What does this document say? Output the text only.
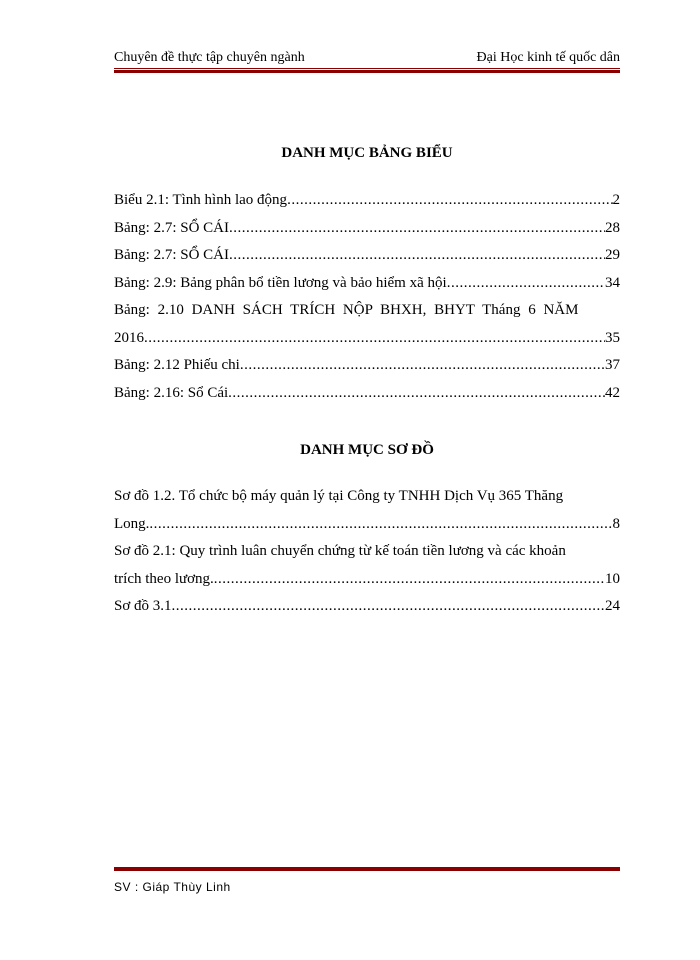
Chuyên đề thực tập chuyên ngành	Đại Học kinh tế quốc dân
DANH MỤC BẢNG BIỂU
Biểu 2.1: Tình hình lao động .....	2
Bảng: 2.7: SỔ CÁI .....	28
Bảng: 2.7: SỔ CÁI .....	29
Bảng: 2.9: Bảng phân bổ tiền lương và bảo hiểm xã hội .....	34
Bảng: 2.10 DANH SÁCH TRÍCH NỘP BHXH, BHYT Tháng 6 NĂM
2016 .....	35
Bảng: 2.12 Phiếu chi .....	37
Bảng: 2.16: Sổ Cái .....	42
DANH MỤC SƠ ĐỒ
Sơ đồ 1.2. Tổ chức bộ máy quản lý tại Công ty TNHH Dịch Vụ 365 Thăng
Long. .....	8
Sơ đồ 2.1: Quy trình luân chuyển chứng từ kế toán tiền lương và các khoản
trích theo lương. .....	10
Sơ đồ 3.1 .....	24
SV : Giáp Thùy Linh
